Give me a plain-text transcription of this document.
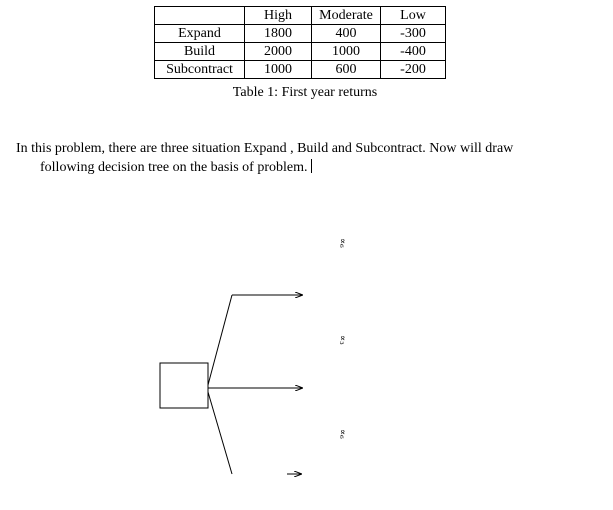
	High	Moderate	Low
Expand	1800	400	-300
Build	2000	1000	-400
Subcontract	1000	600	-200
Table 1: First year returns

In this problem, there are three situation Expand , Build and Subcontract. Now will draw
following decision tree on the basis of problem.

∝₆
∝₃
∝₆
